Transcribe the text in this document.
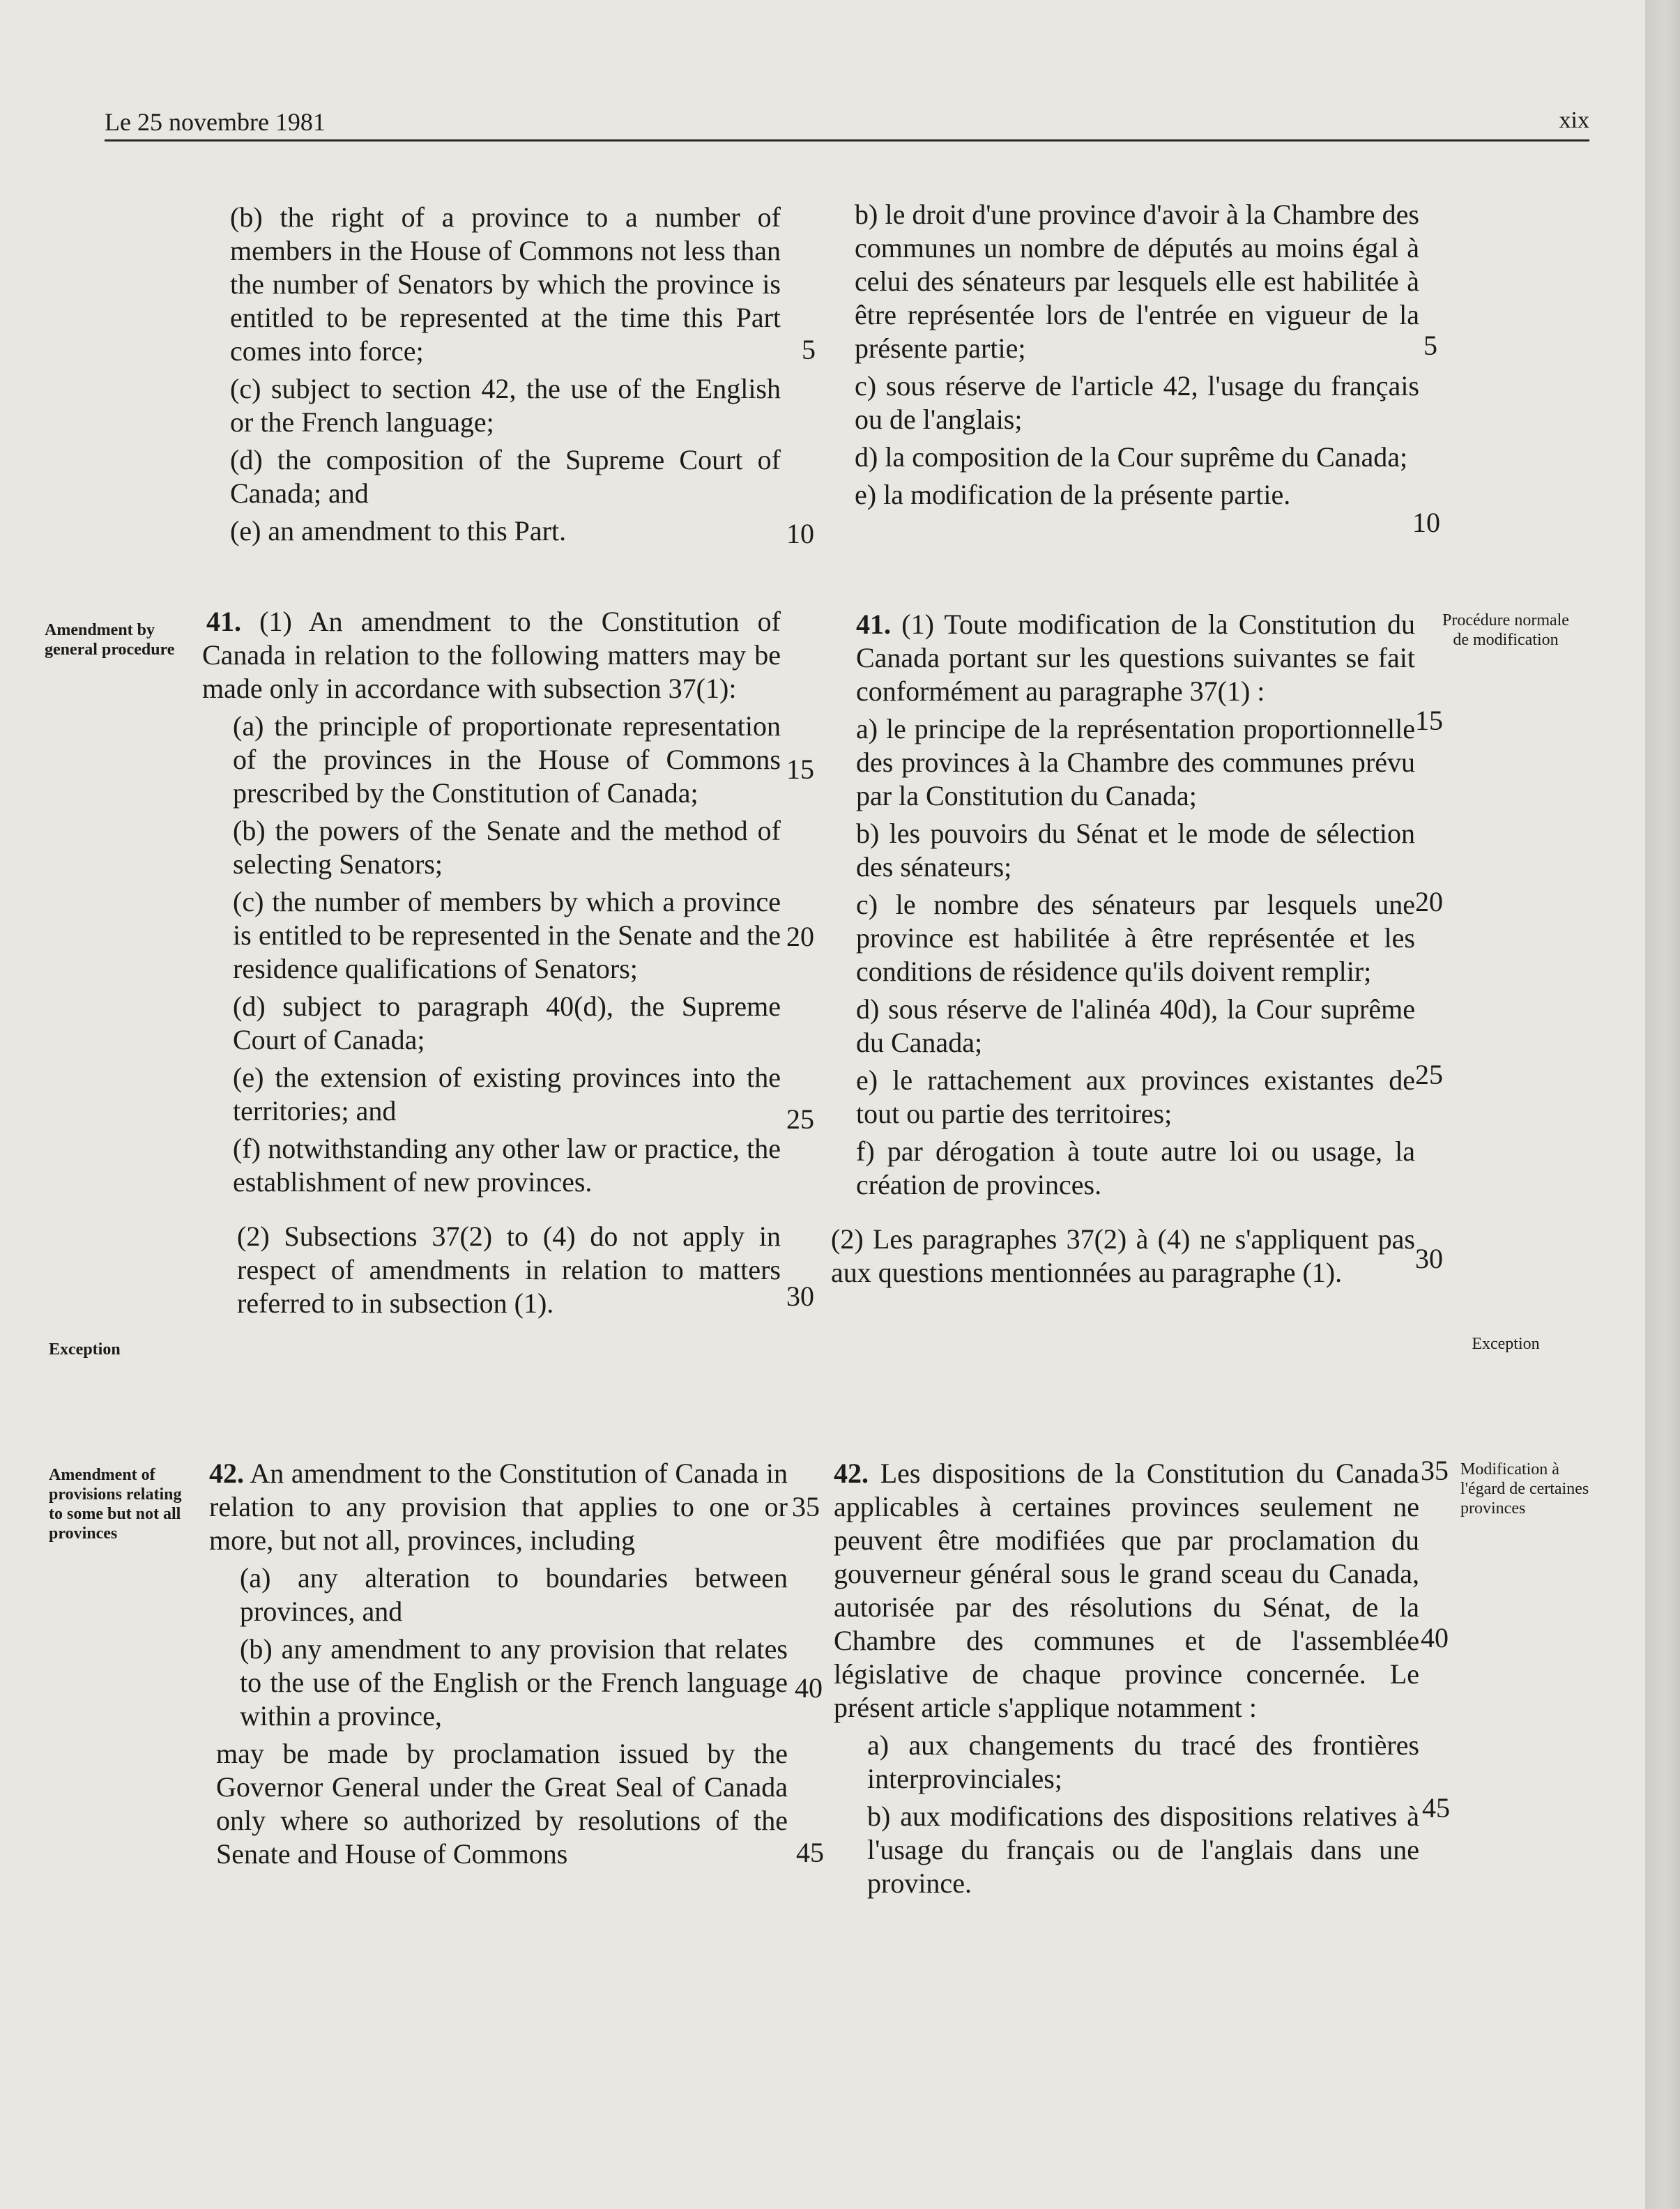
Le 25 novembre 1981	xix
Amendment by general procedure
Exception
Amendment of provisions relating to some but not all provinces
Procédure normale de modification
Exception
Modification à l'égard de certaines provinces

(b) the right of a province to a number of members in the House of Commons not less than the number of Senators by which the province is entitled to be represented at the time this Part comes into force;

(c) subject to section 42, the use of the English or the French language;

(d) the composition of the Supreme Court of Canada; and

(e) an amendment to this Part.

41. (1) An amendment to the Constitution of Canada in relation to the following matters may be made only in accordance with subsection 37(1):

(a) the principle of proportionate representation of the provinces in the House of Commons prescribed by the Constitution of Canada;

(b) the powers of the Senate and the method of selecting Senators;

(c) the number of members by which a province is entitled to be represented in the Senate and the residence qualifications of Senators;

(d) subject to paragraph 40(d), the Supreme Court of Canada;

(e) the extension of existing provinces into the territories; and

(f) notwithstanding any other law or practice, the establishment of new provinces.

(2) Subsections 37(2) to (4) do not apply in respect of amendments in relation to matters referred to in subsection (1).

42. An amendment to the Constitution of Canada in relation to any provision that applies to one or more, but not all, provinces, including

(a) any alteration to boundaries between provinces, and

(b) any amendment to any provision that relates to the use of the English or the French language within a province,

may be made by proclamation issued by the Governor General under the Great Seal of Canada only where so authorized by resolutions of the Senate and House of Commons

b) le droit d'une province d'avoir à la Chambre des communes un nombre de députés au moins égal à celui des sénateurs par lesquels elle est habilitée à être représentée lors de l'entrée en vigueur de la présente partie;

c) sous réserve de l'article 42, l'usage du français ou de l'anglais;

d) la composition de la Cour suprême du Canada;

e) la modification de la présente partie.

41. (1) Toute modification de la Constitution du Canada portant sur les questions suivantes se fait conformément au paragraphe 37(1) :

a) le principe de la représentation proportionnelle des provinces à la Chambre des communes prévu par la Constitution du Canada;

b) les pouvoirs du Sénat et le mode de sélection des sénateurs;

c) le nombre des sénateurs par lesquels une province est habilitée à être représentée et les conditions de résidence qu'ils doivent remplir;

d) sous réserve de l'alinéa 40d), la Cour suprême du Canada;

e) le rattachement aux provinces existantes de tout ou partie des territoires;

f) par dérogation à toute autre loi ou usage, la création de provinces.

(2) Les paragraphes 37(2) à (4) ne s'appliquent pas aux questions mentionnées au paragraphe (1).

42. Les dispositions de la Constitution du Canada applicables à certaines provinces seulement ne peuvent être modifiées que par proclamation du gouverneur général sous le grand sceau du Canada, autorisée par des résolutions du Sénat, de la Chambre des communes et de l'assemblée législative de chaque province concernée. Le présent article s'applique notamment :

a) aux changements du tracé des frontières interprovinciales;

b) aux modifications des dispositions relatives à l'usage du français ou de l'anglais dans une province.

5
10
15
20
25
30
35
40
45
5
10
15
20
25
30
35
40
45
